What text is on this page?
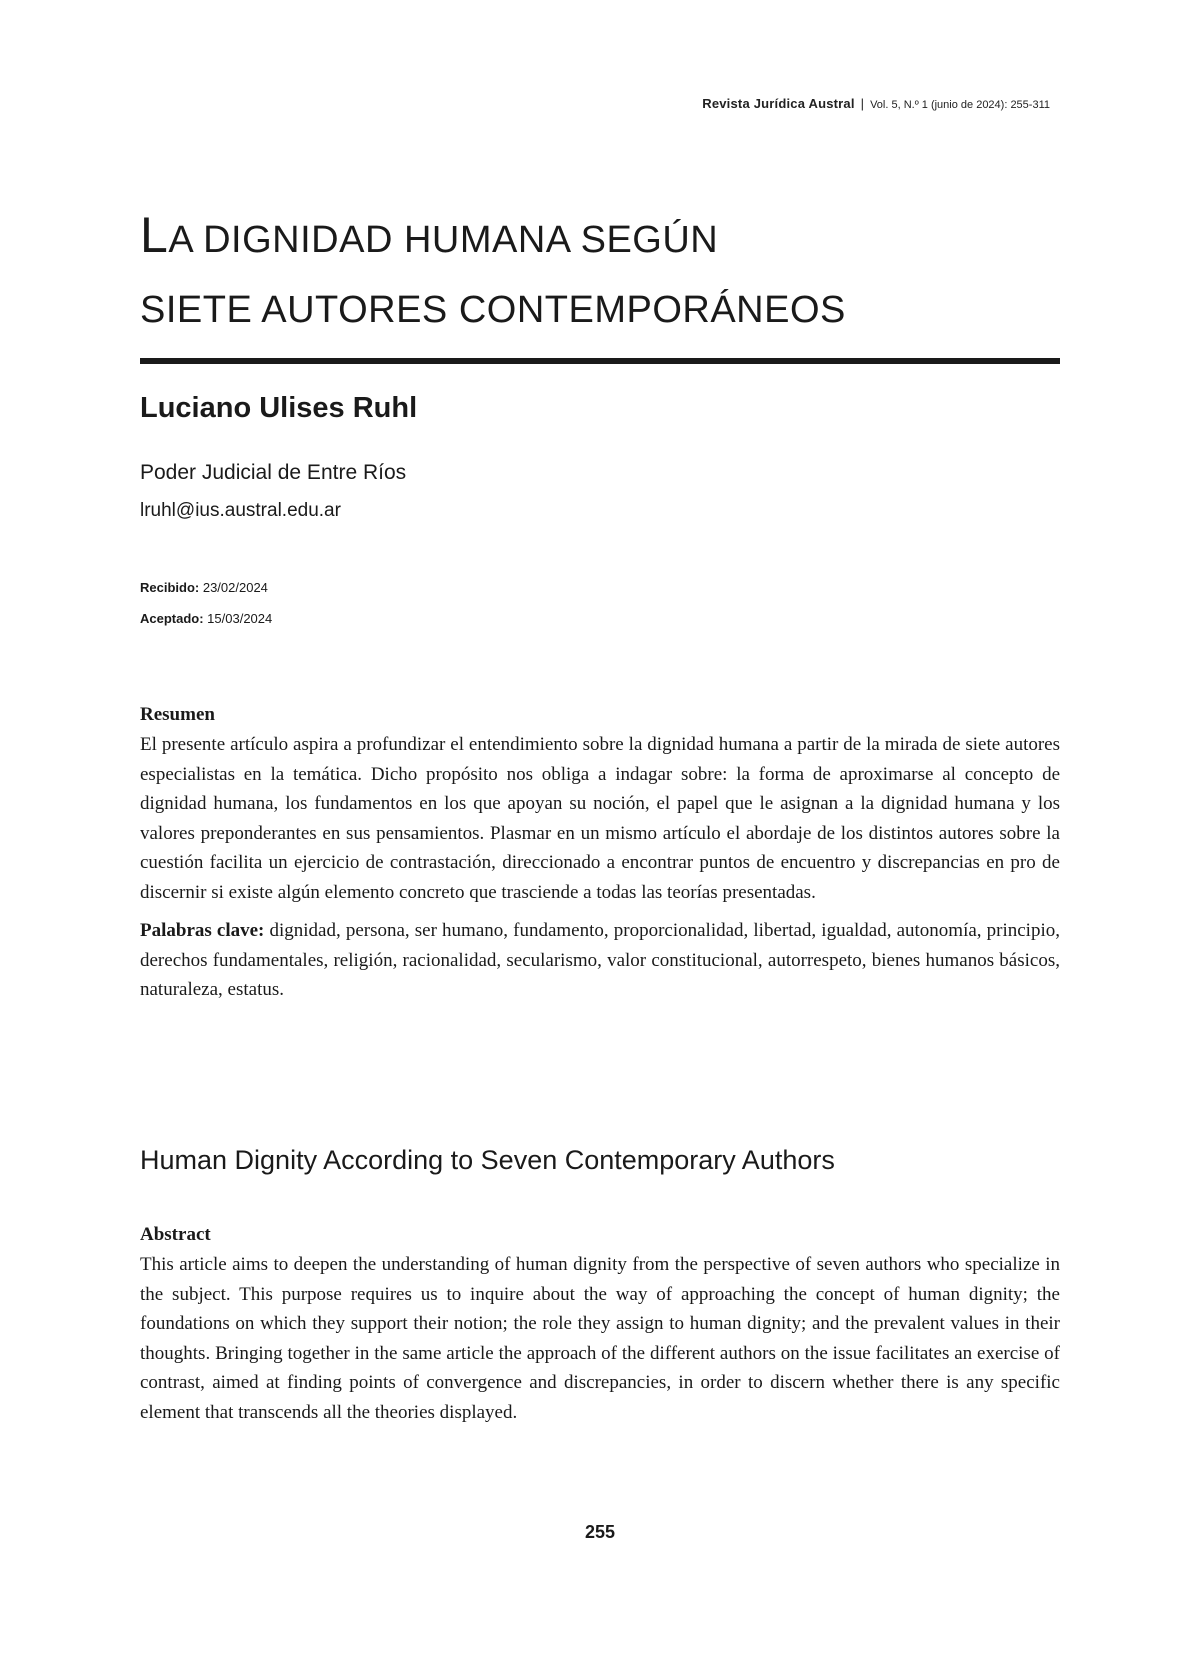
Revista Jurídica Austral | Vol. 5, N.º 1 (junio de 2024): 255-311
LA DIGNIDAD HUMANA SEGÚN
SIETE AUTORES CONTEMPORÁNEOS
Luciano Ulises Ruhl
Poder Judicial de Entre Ríos
lruhl@ius.austral.edu.ar
Recibido: 23/02/2024
Aceptado: 15/03/2024

Resumen

El presente artículo aspira a profundizar el entendimiento sobre la dignidad humana a partir de la mirada de siete autores especialistas en la temática. Dicho propósito nos obliga a indagar sobre: la forma de aproximarse al concepto de dignidad humana, los fundamentos en los que apoyan su noción, el papel que le asignan a la dignidad humana y los valores preponderantes en sus pensamientos. Plasmar en un mismo artículo el abordaje de los distintos autores sobre la cuestión facilita un ejercicio de contrastación, direccionado a encontrar puntos de encuentro y discrepancias en pro de discernir si existe algún elemento concreto que trasciende a todas las teorías presentadas.

Palabras clave: dignidad, persona, ser humano, fundamento, proporcionalidad, libertad, igualdad, autonomía, principio, derechos fundamentales, religión, racionalidad, secularismo, valor constitucional, autorrespeto, bienes humanos básicos, naturaleza, estatus.

Human Dignity According to Seven Contemporary Authors

Abstract

This article aims to deepen the understanding of human dignity from the perspective of seven authors who specialize in the subject. This purpose requires us to inquire about the way of approaching the concept of human dignity; the foundations on which they support their notion; the role they assign to human dignity; and the prevalent values in their thoughts. Bringing together in the same article the approach of the different authors on the issue facilitates an exercise of contrast, aimed at finding points of convergence and discrepancies, in order to discern whether there is any specific element that transcends all the theories displayed.

255
